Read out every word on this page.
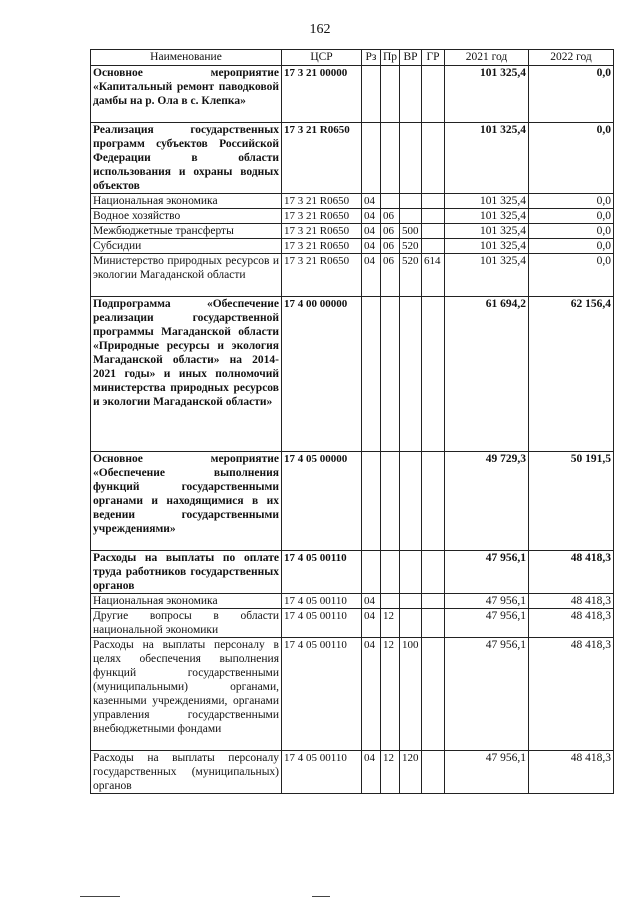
162
Наименование	ЦСР	Рз	Пр	ВР	ГР	2021 год	2022 год
Основное мероприятие «Капитальный ремонт паводковой дамбы на р. Ола в с. Клепка»	17 3 21 00000					101 325,4	0,0
Реализация государственных программ субъектов Российской Федерации в области использования и охраны водных объектов	17 3 21 R0650					101 325,4	0,0
Национальная экономика	17 3 21 R0650	04				101 325,4	0,0
Водное хозяйство	17 3 21 R0650	04	06			101 325,4	0,0
Межбюджетные трансферты	17 3 21 R0650	04	06	500		101 325,4	0,0
Субсидии	17 3 21 R0650	04	06	520		101 325,4	0,0
Министерство природных ресурсов и экологии Магаданской области	17 3 21 R0650	04	06	520	614	101 325,4	0,0
Подпрограмма «Обеспечение реализации государственной программы Магаданской области «Природные ресурсы и экология Магаданской области» на 2014-2021 годы» и иных полномочий министерства природных ресурсов и экологии Магаданской области»	17 4 00 00000					61 694,2	62 156,4
Основное мероприятие «Обеспечение выполнения функций государственными органами и находящимися в их ведении государственными учреждениями»	17 4 05 00000					49 729,3	50 191,5
Расходы на выплаты по оплате труда работников государственных органов	17 4 05 00110					47 956,1	48 418,3
Национальная экономика	17 4 05 00110	04				47 956,1	48 418,3
Другие вопросы в области национальной экономики	17 4 05 00110	04	12			47 956,1	48 418,3
Расходы на выплаты персоналу в целях обеспечения выполнения функций государственными (муниципальными) органами, казенными учреждениями, органами управления государственными внебюджетными фондами	17 4 05 00110	04	12	100		47 956,1	48 418,3
Расходы на выплаты персоналу государственных (муниципальных) органов	17 4 05 00110	04	12	120		47 956,1	48 418,3
